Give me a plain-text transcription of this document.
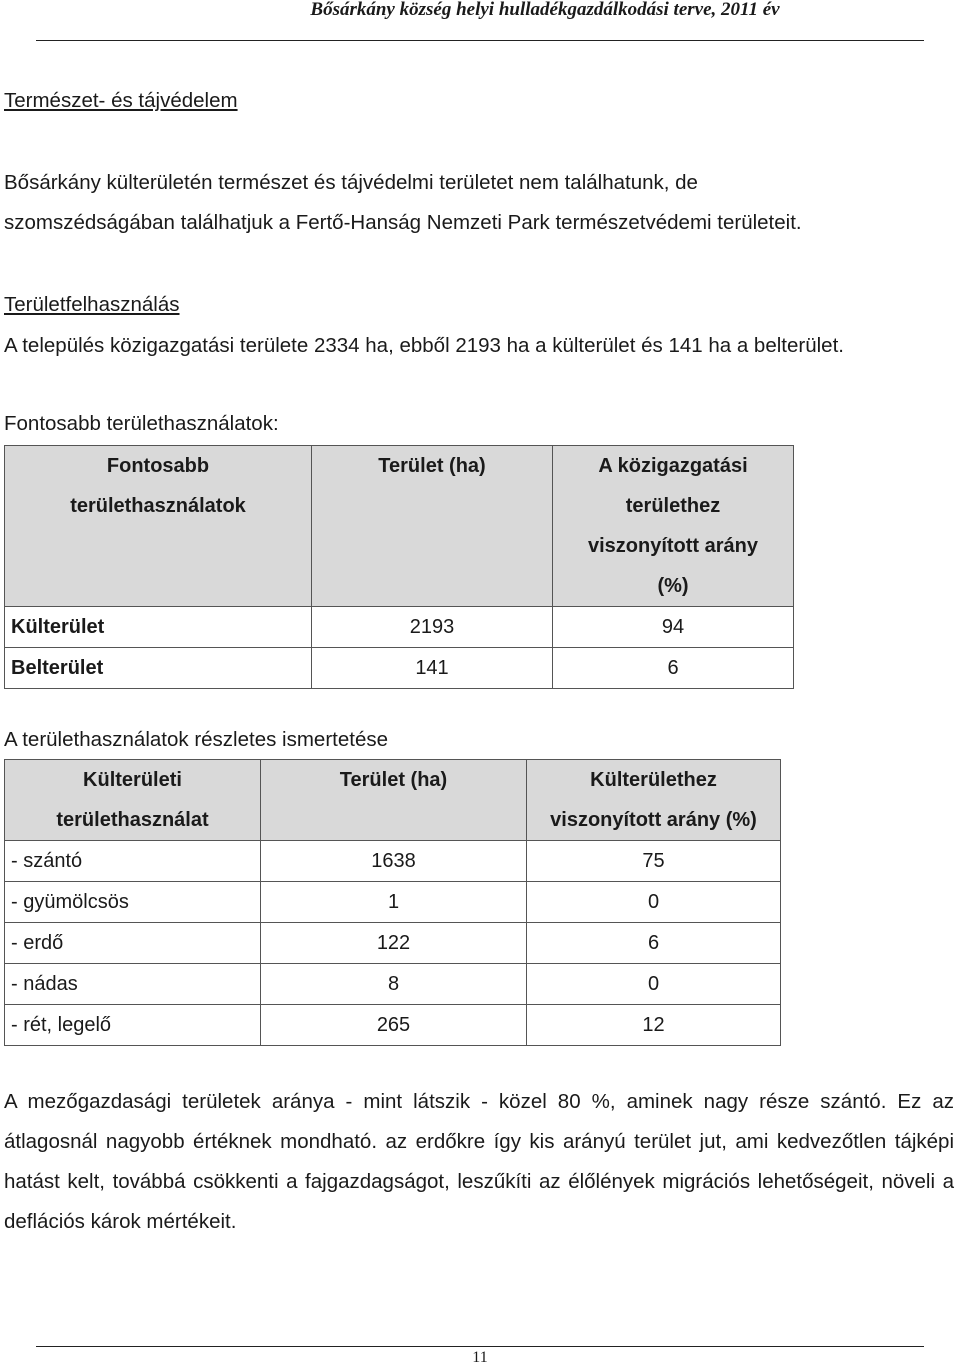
Bősárkány község helyi hulladékgazdálkodási terve, 2011 év
Természet- és tájvédelem
Bősárkány külterületén természet és tájvédelmi területet nem találhatunk, de
szomszédságában találhatjuk a Fertő-Hanság Nemzeti Park természetvédemi területeit.
Területfelhasználás
A település közigazgatási területe 2334 ha, ebből 2193 ha a külterület és 141 ha a belterület.
Fontosabb területhasználatok:
Fontosabb
területhasználatok	Terület (ha)	A közigazgatási
területhez
viszonyított arány
(%)

Külterület	2193	94
Belterület	141	6
A területhasználatok részletes ismertetése
Külterületi
területhasználat	Terület (ha)	Külterülethez
viszonyított arány (%)

- szántó	1638	75
- gyümölcsös	1	0
- erdő	122	6
- nádas	8	0
- rét, legelő	265	12
A mezőgazdasági területek aránya - mint látszik - közel 80 %, aminek nagy része szántó. Ez az átlagosnál nagyobb értéknek mondható. az erdőkre így kis arányú terület jut, ami kedvezőtlen tájképi hatást kelt, továbbá csökkenti a fajgazdagságot, leszűkíti az élőlények migrációs lehetőségeit, növeli a deflációs károk mértékeit.
11
